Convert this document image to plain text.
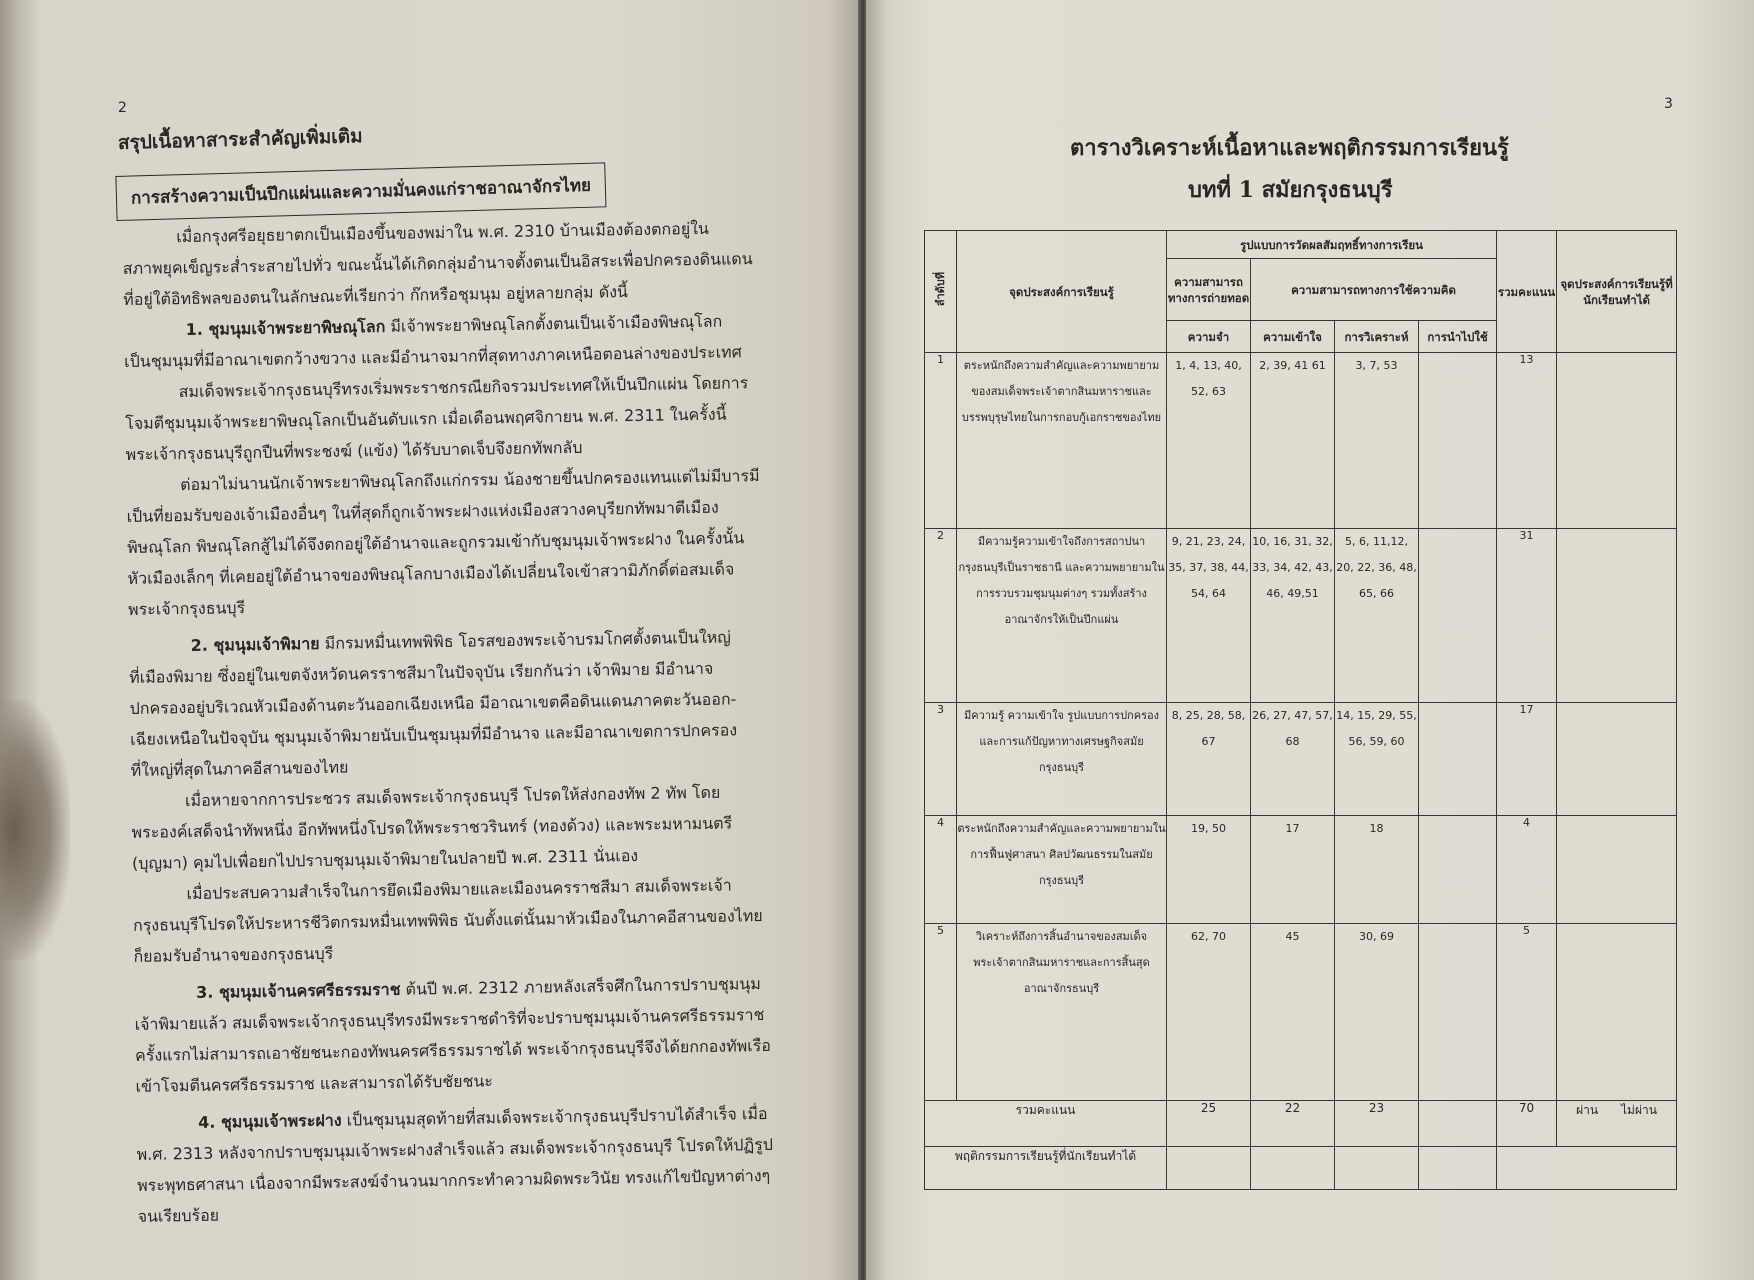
2
สรุปเนื้อหาสาระสำคัญเพิ่มเติม
การสร้างความเป็นปึกแผ่นและความมั่นคงแก่ราชอาณาจักรไทย
เมื่อกรุงศรีอยุธยาตกเป็นเมืองขึ้นของพม่าใน พ.ศ. 2310 บ้านเมืองต้องตกอยู่ใน
สภาพยุคเข็ญระส่ำระสายไปทั่ว ขณะนั้นได้เกิดกลุ่มอำนาจตั้งตนเป็นอิสระเพื่อปกครองดินแดน
ที่อยู่ใต้อิทธิพลของตนในลักษณะที่เรียกว่า ก๊กหรือชุมนุม อยู่หลายกลุ่ม ดังนี้
1. ชุมนุมเจ้าพระยาพิษณุโลก มีเจ้าพระยาพิษณุโลกตั้งตนเป็นเจ้าเมืองพิษณุโลก
เป็นชุมนุมที่มีอาณาเขตกว้างขวาง และมีอำนาจมากที่สุดทางภาคเหนือตอนล่างของประเทศ
สมเด็จพระเจ้ากรุงธนบุรีทรงเริ่มพระราชกรณียกิจรวมประเทศให้เป็นปึกแผ่น โดยการ
โจมตีชุมนุมเจ้าพระยาพิษณุโลกเป็นอันดับแรก เมื่อเดือนพฤศจิกายน พ.ศ. 2311 ในครั้งนี้
พระเจ้ากรุงธนบุรีถูกปืนที่พระชงฆ์ (แข้ง) ได้รับบาดเจ็บจึงยกทัพกลับ
ต่อมาไม่นานนักเจ้าพระยาพิษณุโลกถึงแก่กรรม น้องชายขึ้นปกครองแทนแต่ไม่มีบารมี
เป็นที่ยอมรับของเจ้าเมืองอื่นๆ ในที่สุดก็ถูกเจ้าพระฝางแห่งเมืองสวางคบุรียกทัพมาตีเมือง
พิษณุโลก พิษณุโลกสู้ไม่ได้จึงตกอยู่ใต้อำนาจและถูกรวมเข้ากับชุมนุมเจ้าพระฝาง ในครั้งนั้น
หัวเมืองเล็กๆ ที่เคยอยู่ใต้อำนาจของพิษณุโลกบางเมืองได้เปลี่ยนใจเข้าสวามิภักดิ์ต่อสมเด็จ
พระเจ้ากรุงธนบุรี
2. ชุมนุมเจ้าพิมาย มีกรมหมื่นเทพพิพิธ โอรสของพระเจ้าบรมโกศตั้งตนเป็นใหญ่
ที่เมืองพิมาย ซึ่งอยู่ในเขตจังหวัดนครราชสีมาในปัจจุบัน เรียกกันว่า เจ้าพิมาย มีอำนาจ
ปกครองอยู่บริเวณหัวเมืองด้านตะวันออกเฉียงเหนือ มีอาณาเขตคือดินแดนภาคตะวันออก-
เฉียงเหนือในปัจจุบัน ชุมนุมเจ้าพิมายนับเป็นชุมนุมที่มีอำนาจ และมีอาณาเขตการปกครอง
ที่ใหญ่ที่สุดในภาคอีสานของไทย
เมื่อหายจากการประชวร สมเด็จพระเจ้ากรุงธนบุรี โปรดให้ส่งกองทัพ 2 ทัพ โดย
พระองค์เสด็จนำทัพหนึ่ง อีกทัพหนึ่งโปรดให้พระราชวรินทร์ (ทองด้วง) และพระมหามนตรี
(บุญมา) คุมไปเพื่อยกไปปราบชุมนุมเจ้าพิมายในปลายปี พ.ศ. 2311 นั่นเอง
เมื่อประสบความสำเร็จในการยึดเมืองพิมายและเมืองนครราชสีมา สมเด็จพระเจ้า
กรุงธนบุรีโปรดให้ประหารชีวิตกรมหมื่นเทพพิพิธ นับตั้งแต่นั้นมาหัวเมืองในภาคอีสานของไทย
ก็ยอมรับอำนาจของกรุงธนบุรี
3. ชุมนุมเจ้านครศรีธรรมราช ต้นปี พ.ศ. 2312 ภายหลังเสร็จศึกในการปราบชุมนุม
เจ้าพิมายแล้ว สมเด็จพระเจ้ากรุงธนบุรีทรงมีพระราชดำริที่จะปราบชุมนุมเจ้านครศรีธรรมราช
ครั้งแรกไม่สามารถเอาชัยชนะกองทัพนครศรีธรรมราชได้ พระเจ้ากรุงธนบุรีจึงได้ยกกองทัพเรือ
เข้าโจมตีนครศรีธรรมราช และสามารถได้รับชัยชนะ
4. ชุมนุมเจ้าพระฝาง เป็นชุมนุมสุดท้ายที่สมเด็จพระเจ้ากรุงธนบุรีปราบได้สำเร็จ เมื่อ
พ.ศ. 2313 หลังจากปราบชุมนุมเจ้าพระฝางสำเร็จแล้ว สมเด็จพระเจ้ากรุงธนบุรี โปรดให้ปฏิรูป
พระพุทธศาสนา เนื่องจากมีพระสงฆ์จำนวนมากกระทำความผิดพระวินัย ทรงแก้ไขปัญหาต่างๆ
จนเรียบร้อย
3
ตารางวิเคราะห์เนื้อหาและพฤติกรรมการเรียนรู้
บทที่ 1 สมัยกรุงธนบุรี
ลำดับที่	จุดประสงค์การเรียนรู้	รูปแบบการวัดผลสัมฤทธิ์ทางการเรียน				รวมคะแนน	จุดประสงค์การเรียนรู้ที่นักเรียนทำได้
		ความสามารถทางการถ่ายทอด	ความสามารถทางการใช้ความคิด				
		ความจำ	ความเข้าใจ	การวิเคราะห์	การนำไปใช้		
1	ตระหนักถึงความสำคัญและความพยายามของสมเด็จพระเจ้าตากสินมหาราชและบรรพบุรุษไทยในการกอบกู้เอกราชของไทย	1, 4, 13, 40, 52, 63	2, 39, 41 61	3, 7, 53		13	
2	มีความรู้ความเข้าใจถึงการสถาปนากรุงธนบุรีเป็นราชธานี และความพยายามในการรวบรวมชุมนุมต่างๆ รวมทั้งสร้างอาณาจักรให้เป็นปึกแผ่น	9, 21, 23, 24, 35, 37, 38, 44, 54, 64	10, 16, 31, 32, 33, 34, 42, 43, 46, 49,51	5, 6, 11,12, 20, 22, 36, 48, 65, 66		31	
3	มีความรู้ ความเข้าใจ รูปแบบการปกครองและการแก้ปัญหาทางเศรษฐกิจสมัยกรุงธนบุรี	8, 25, 28, 58, 67	26, 27, 47, 57, 68	14, 15, 29, 55, 56, 59, 60		17	
4	ตระหนักถึงความสำคัญและความพยายามในการฟื้นฟูศาสนา ศิลปวัฒนธรรมในสมัยกรุงธนบุรี	19, 50	17	18		4	
5	วิเคราะห์ถึงการสิ้นอำนาจของสมเด็จพระเจ้าตากสินมหาราชและการสิ้นสุดอาณาจักรธนบุรี	62, 70	45	30, 69		5	
รวมคะแนน		25	22	23		70	ผ่าน ไม่ผ่าน
พฤติกรรมการเรียนรู้ที่นักเรียนทำได้							
